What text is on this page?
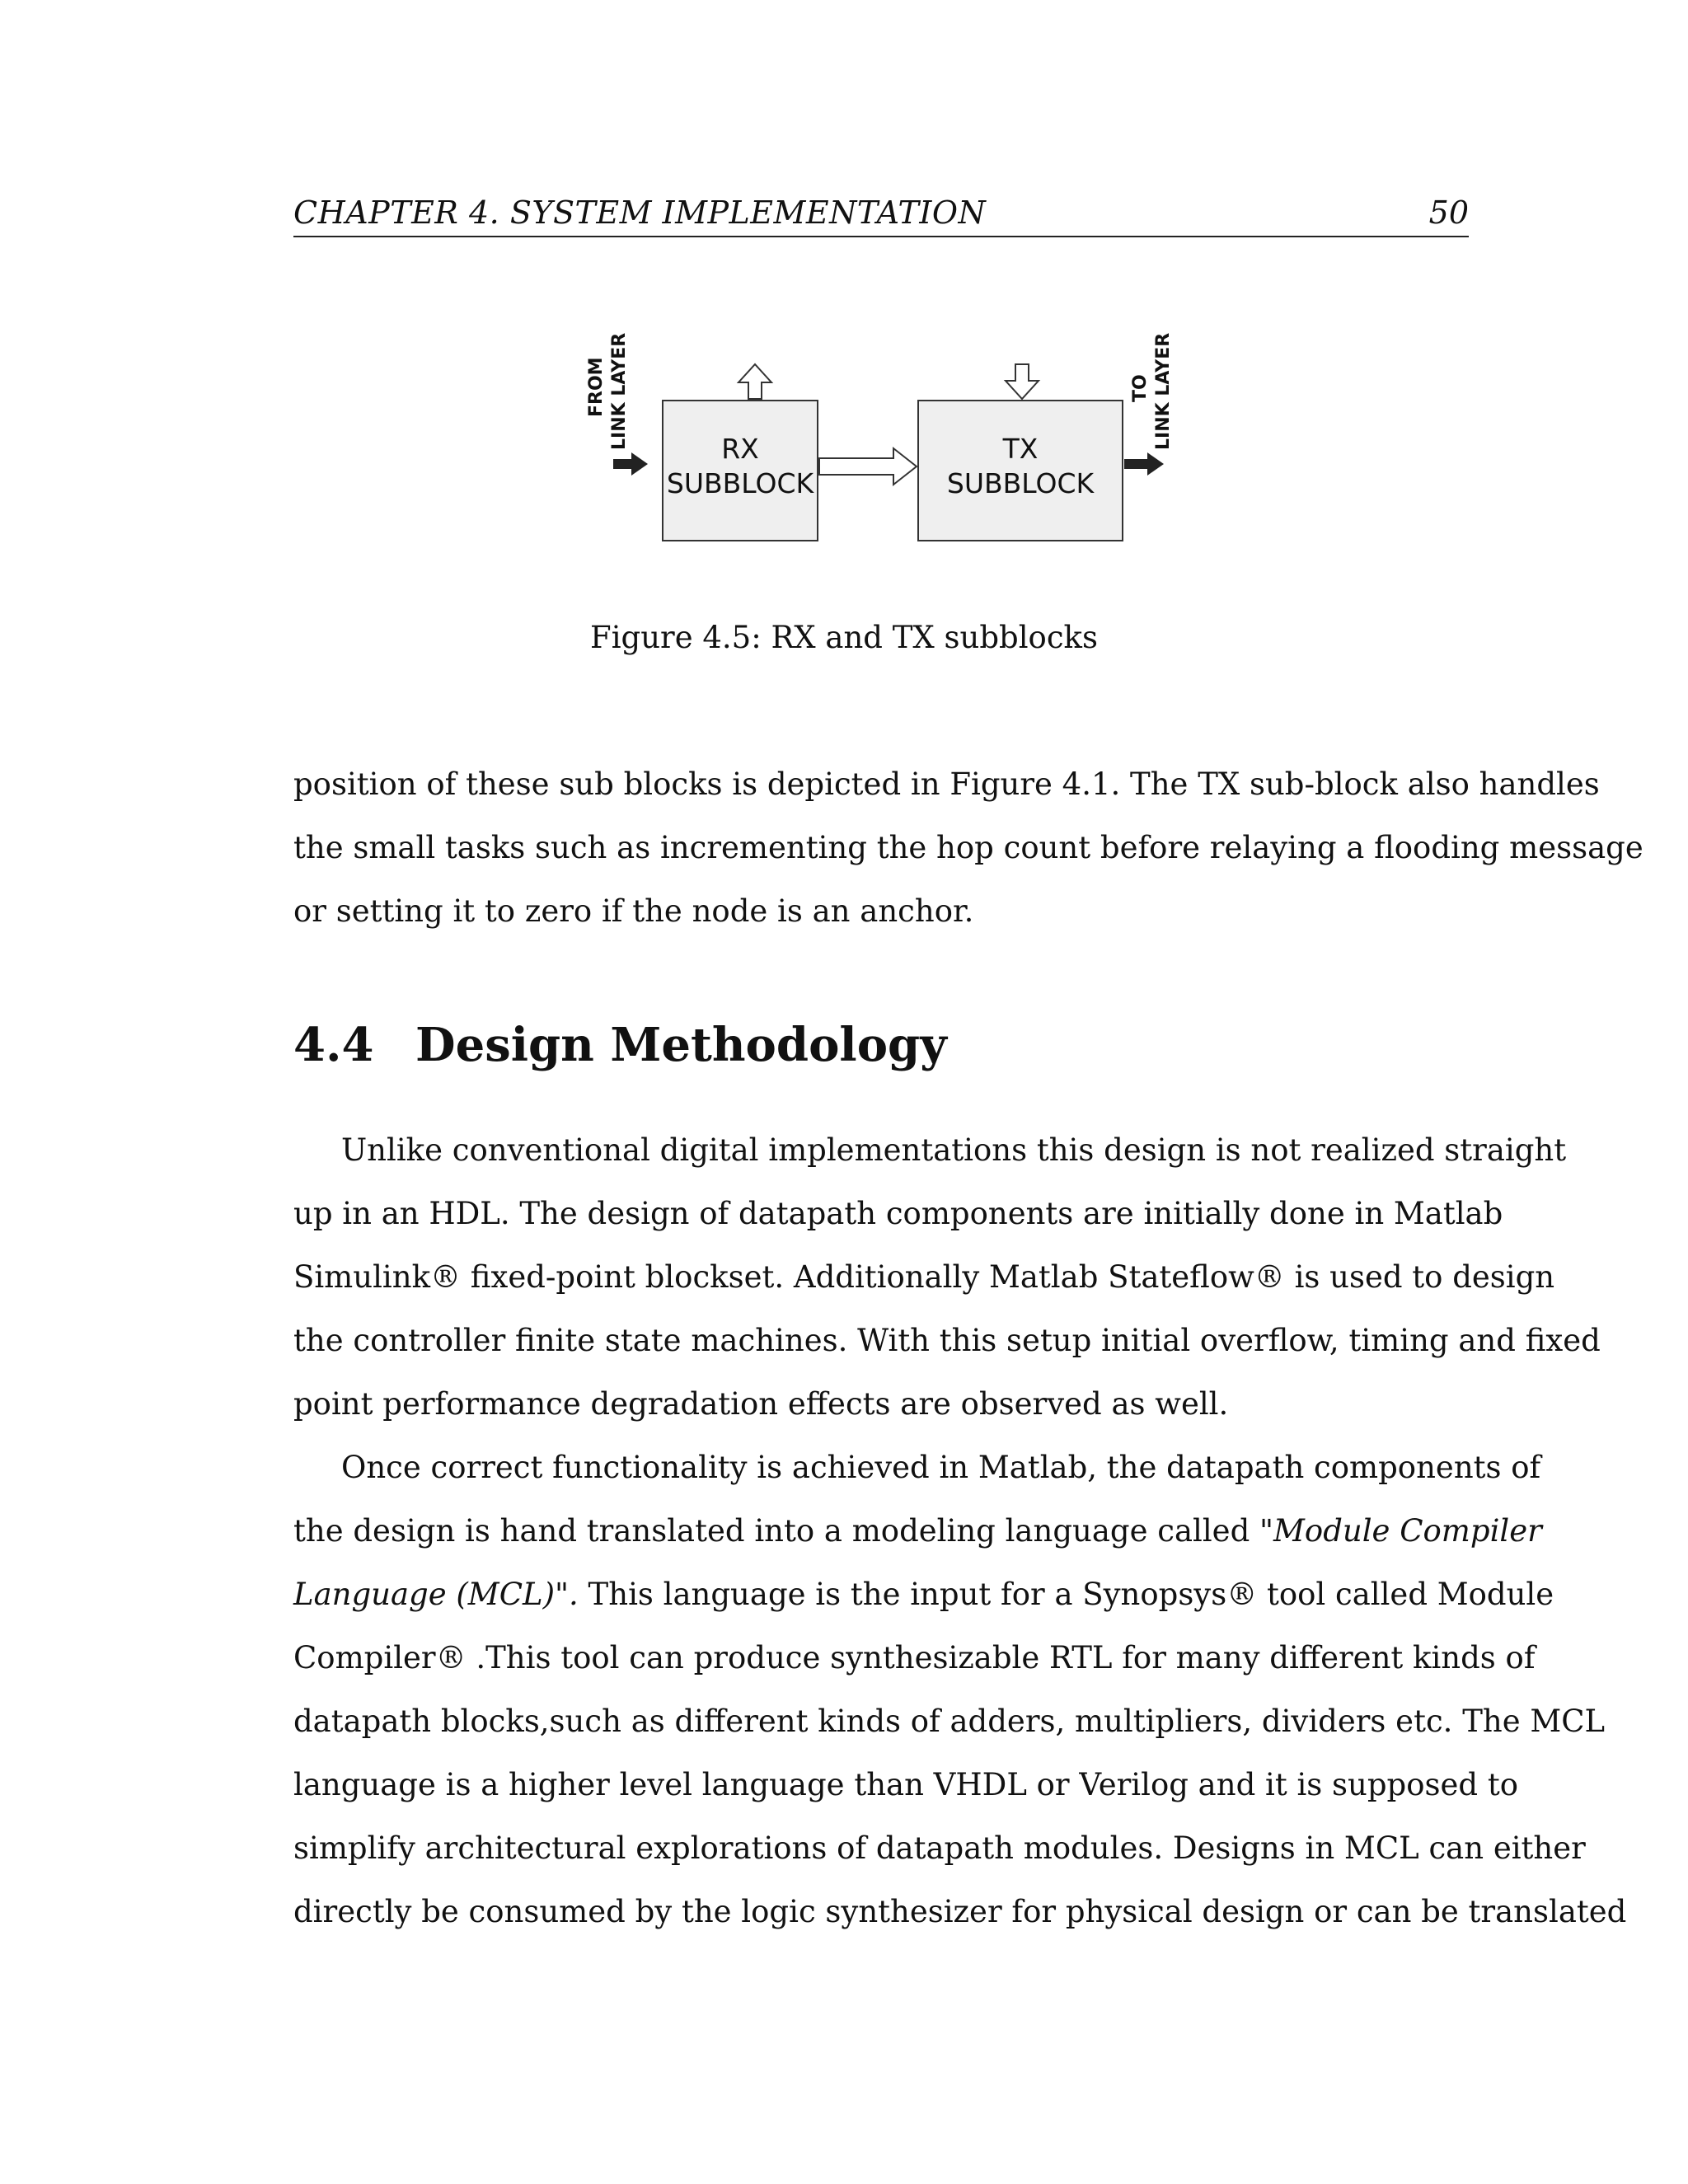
CHAPTER 4. SYSTEM IMPLEMENTATION	50
FROM LINK LAYER	RX
SUBBLOCK
TX
SUBBLOCK
TO LINK LAYER
Figure 4.5: RX and TX subblocks
position of these sub blocks is depicted in Figure 4.1. The TX sub-block also handles
the small tasks such as incrementing the hop count before relaying a flooding message
or setting it to zero if the node is an anchor.
4.4 Design Methodology
Unlike conventional digital implementations this design is not realized straight
up in an HDL. The design of datapath components are initially done in Matlab
Simulink® fixed-point blockset. Additionally Matlab Stateflow® is used to design
the controller finite state machines. With this setup initial overflow, timing and fixed
point performance degradation effects are observed as well.
Once correct functionality is achieved in Matlab, the datapath components of
the design is hand translated into a modeling language called "Module Compiler
Language (MCL)". This language is the input for a Synopsys® tool called Module
Compiler® .This tool can produce synthesizable RTL for many different kinds of
datapath blocks,such as different kinds of adders, multipliers, dividers etc. The MCL
language is a higher level language than VHDL or Verilog and it is supposed to
simplify architectural explorations of datapath modules. Designs in MCL can either
directly be consumed by the logic synthesizer for physical design or can be translated
